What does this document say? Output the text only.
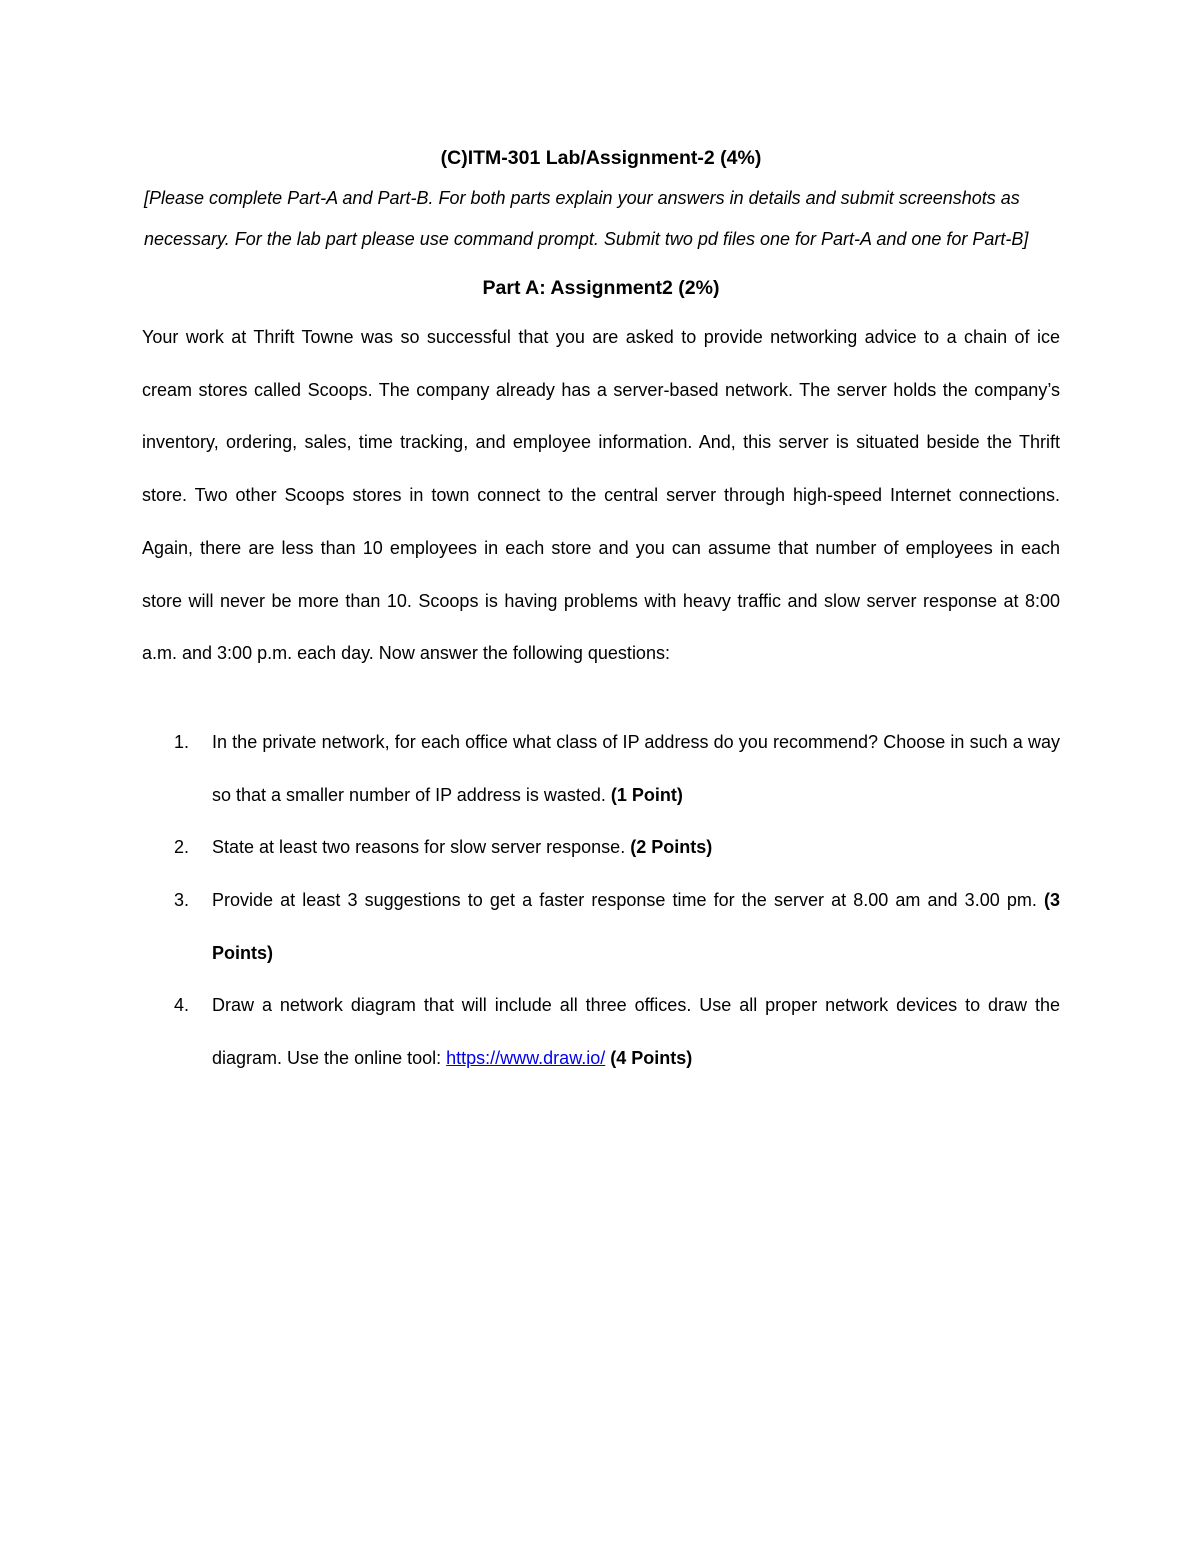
(C)ITM-301 Lab/Assignment-2 (4%)

[Please complete Part-A and Part-B. For both parts explain your answers in details and submit screenshots as necessary. For the lab part please use command prompt. Submit two pd files one for Part-A and one for Part-B]

Part A: Assignment2 (2%)

Your work at Thrift Towne was so successful that you are asked to provide networking advice to a chain of ice cream stores called Scoops. The company already has a server-based network. The server holds the company’s inventory, ordering, sales, time tracking, and employee information. And, this server is situated beside the Thrift store. Two other Scoops stores in town connect to the central server through high-speed Internet connections. Again, there are less than 10 employees in each store and you can assume that number of employees in each store will never be more than 10. Scoops is having problems with heavy traffic and slow server response at 8:00 a.m. and 3:00 p.m. each day. Now answer the following questions:

1. In the private network, for each office what class of IP address do you recommend? Choose in such a way so that a smaller number of IP address is wasted. (1 Point)
2. State at least two reasons for slow server response. (2 Points)
3. Provide at least 3 suggestions to get a faster response time for the server at 8.00 am and 3.00 pm. (3 Points)
4. Draw a network diagram that will include all three offices. Use all proper network devices to draw the diagram. Use the online tool: https://www.draw.io/ (4 Points)
